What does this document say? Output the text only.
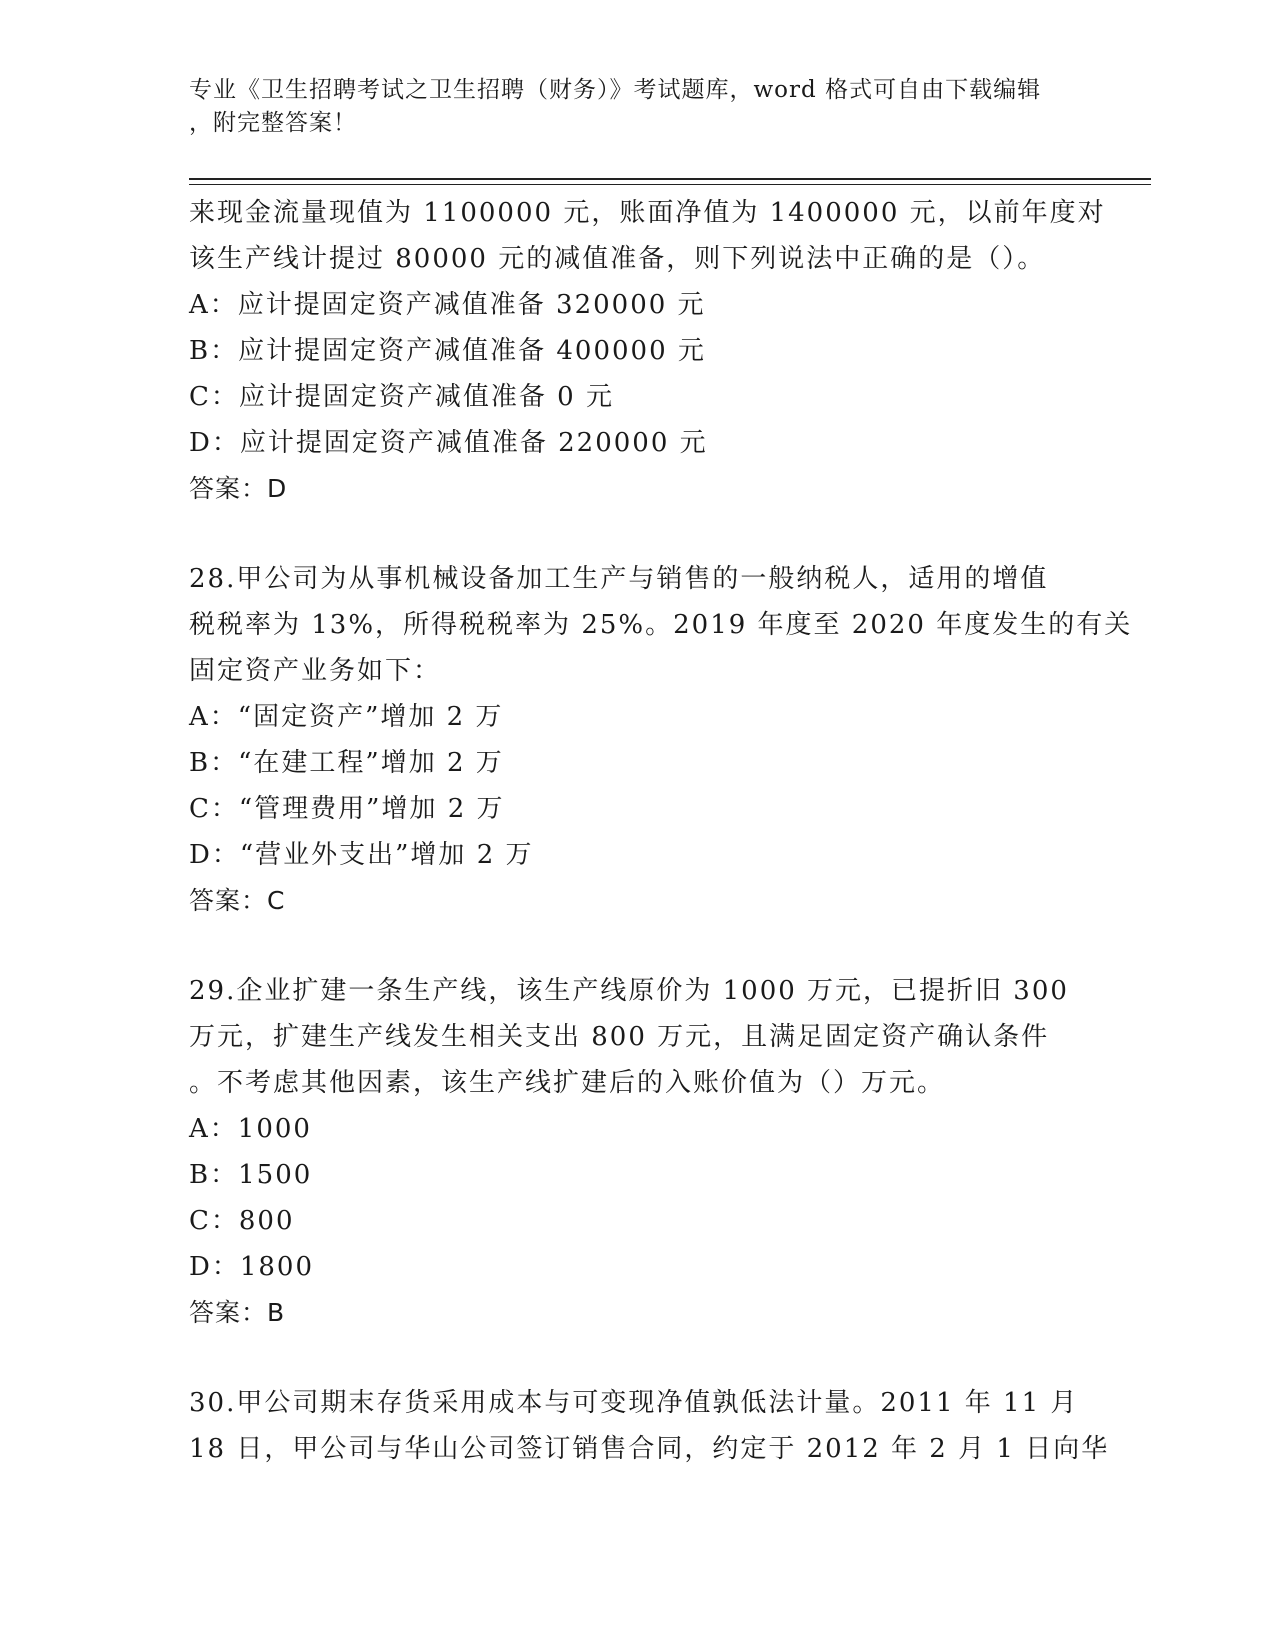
专业《卫生招聘考试之卫生招聘（财务）》考试题库，word 格式可自由下载编辑
，附完整答案！
来现金流量现值为 1100000 元，账面净值为 1400000 元，以前年度对
该生产线计提过 80000 元的减值准备，则下列说法中正确的是（）。
A：应计提固定资产减值准备 320000 元
B：应计提固定资产减值准备 400000 元
C：应计提固定资产减值准备 0 元
D：应计提固定资产减值准备 220000 元
答案：D
28.甲公司为从事机械设备加工生产与销售的一般纳税人，适用的增值
税税率为 13%，所得税税率为 25%。2019 年度至 2020 年度发生的有关
固定资产业务如下：
A：“固定资产”增加 2 万
B：“在建工程”增加 2 万
C：“管理费用”增加 2 万
D：“营业外支出”增加 2 万
答案：C
29.企业扩建一条生产线，该生产线原价为 1000 万元，已提折旧 300
万元，扩建生产线发生相关支出 800 万元，且满足固定资产确认条件
。不考虑其他因素，该生产线扩建后的入账价值为（）万元。
A：1000
B：1500
C：800
D：1800
答案：B
30.甲公司期末存货采用成本与可变现净值孰低法计量。2011 年 11 月
18 日，甲公司与华山公司签订销售合同，约定于 2012 年 2 月 1 日向华
